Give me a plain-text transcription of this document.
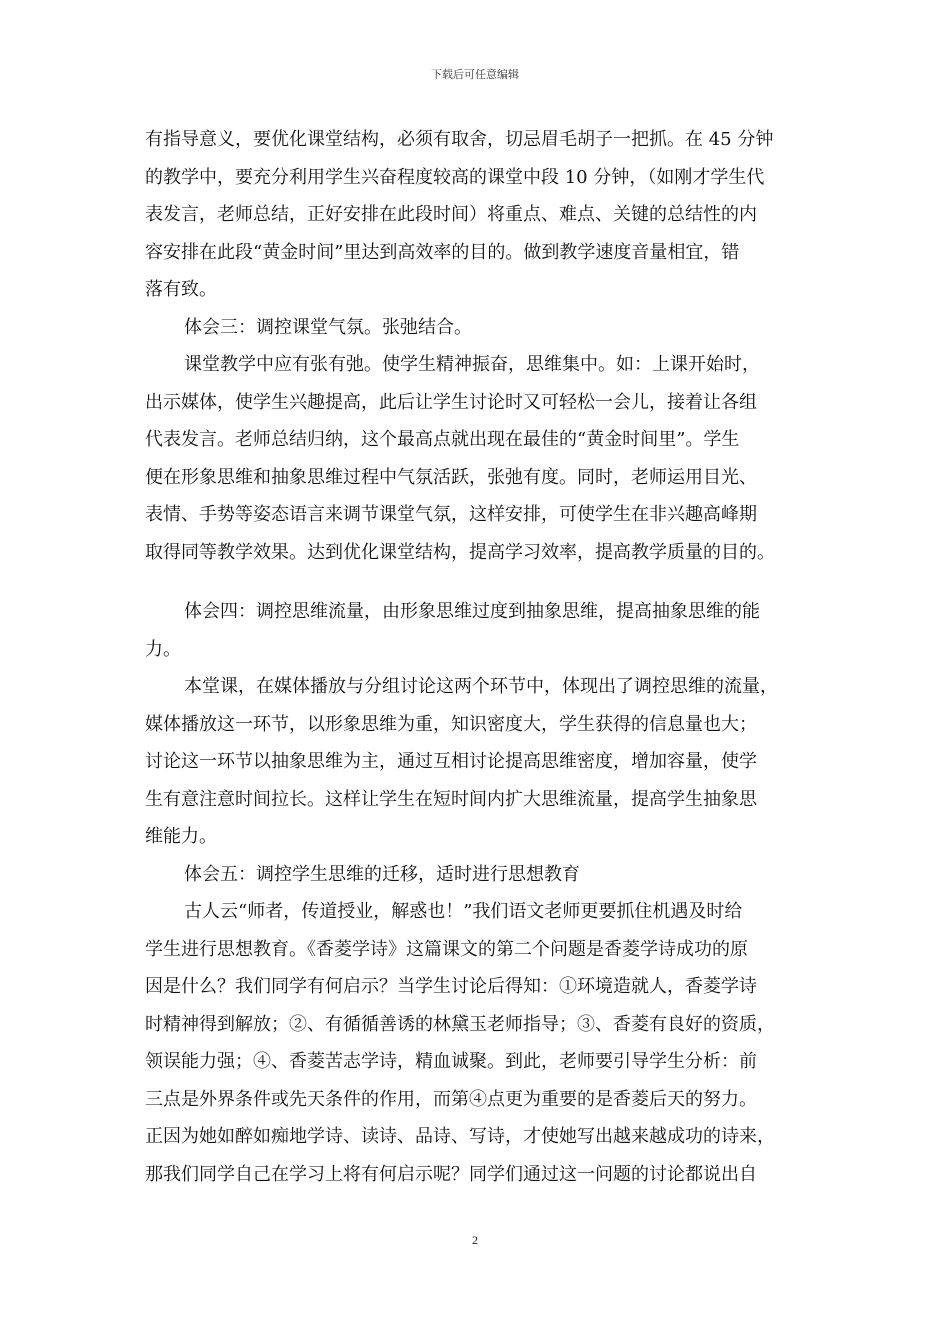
下载后可任意编辑
有指导意义，要优化课堂结构，必须有取舍，切忌眉毛胡子一把抓。在 45 分钟
的教学中，要充分利用学生兴奋程度较高的课堂中段 10 分钟，（如刚才学生代
表发言，老师总结，正好安排在此段时间）将重点、难点、关键的总结性的内
容安排在此段“黄金时间”里达到高效率的目的。做到教学速度音量相宜，错
落有致。
体会三：调控课堂气氛。张弛结合。
课堂教学中应有张有弛。使学生精神振奋，思维集中。如：上课开始时，
出示媒体，使学生兴趣提高，此后让学生讨论时又可轻松一会儿，接着让各组
代表发言。老师总结归纳，这个最高点就出现在最佳的“黄金时间里”。学生
便在形象思维和抽象思维过程中气氛活跃，张弛有度。同时，老师运用目光、
表情、手势等姿态语言来调节课堂气氛，这样安排，可使学生在非兴趣高峰期
取得同等教学效果。达到优化课堂结构，提高学习效率，提高教学质量的目的。
体会四：调控思维流量，由形象思维过度到抽象思维，提高抽象思维的能
力。
本堂课，在媒体播放与分组讨论这两个环节中，体现出了调控思维的流量，
媒体播放这一环节，以形象思维为重，知识密度大，学生获得的信息量也大；
讨论这一环节以抽象思维为主，通过互相讨论提高思维密度，增加容量，使学
生有意注意时间拉长。这样让学生在短时间内扩大思维流量，提高学生抽象思
维能力。
体会五：调控学生思维的迁移，适时进行思想教育
古人云“师者，传道授业，解惑也！”我们语文老师更要抓住机遇及时给
学生进行思想教育。《香菱学诗》这篇课文的第二个问题是香菱学诗成功的原
因是什么？我们同学有何启示？当学生讨论后得知：①环境造就人，香菱学诗
时精神得到解放；②、有循循善诱的林黛玉老师指导；③、香菱有良好的资质，
领误能力强；④、香菱苦志学诗，精血诚聚。到此，老师要引导学生分析：前
三点是外界条件或先天条件的作用，而第④点更为重要的是香菱后天的努力。
正因为她如醉如痴地学诗、读诗、品诗、写诗，才使她写出越来越成功的诗来，
那我们同学自己在学习上将有何启示呢？同学们通过这一问题的讨论都说出自
2
